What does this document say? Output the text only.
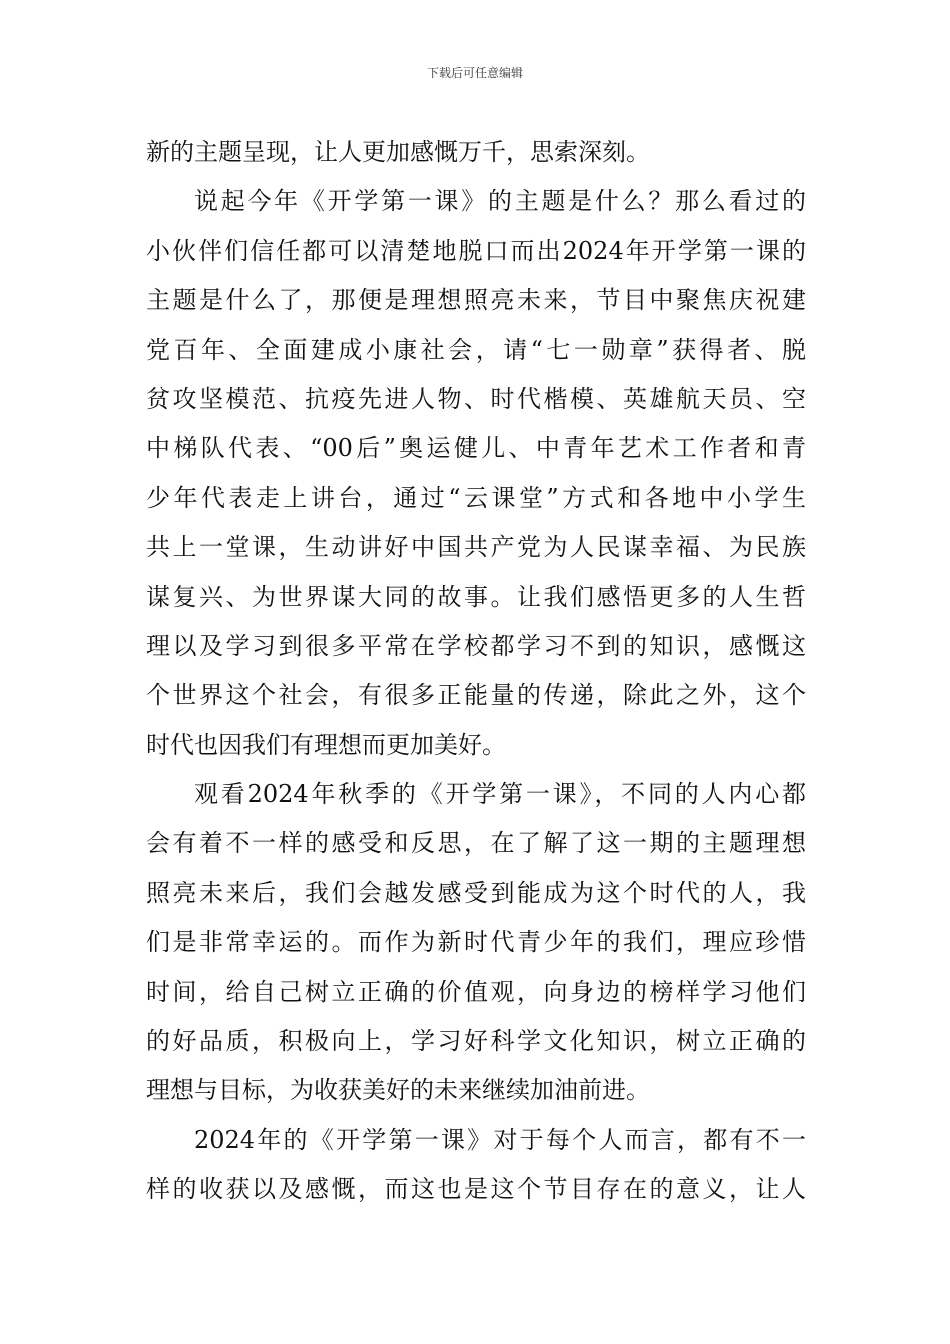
下载后可任意编辑
新的主题呈现，让人更加感慨万千，思索深刻。
说起今年《开学第一课》的主题是什么？那么看过的
小伙伴们信任都可以清楚地脱口而出2024年开学第一课的
主题是什么了，那便是理想照亮未来，节目中聚焦庆祝建
党百年、全面建成小康社会，请“七一勋章”获得者、脱
贫攻坚模范、抗疫先进人物、时代楷模、英雄航天员、空
中梯队代表、“00后”奥运健儿、中青年艺术工作者和青
少年代表走上讲台，通过“云课堂”方式和各地中小学生
共上一堂课，生动讲好中国共产党为人民谋幸福、为民族
谋复兴、为世界谋大同的故事。让我们感悟更多的人生哲
理以及学习到很多平常在学校都学习不到的知识，感慨这
个世界这个社会，有很多正能量的传递，除此之外，这个
时代也因我们有理想而更加美好。
观看2024年秋季的《开学第一课》，不同的人内心都
会有着不一样的感受和反思，在了解了这一期的主题理想
照亮未来后，我们会越发感受到能成为这个时代的人，我
们是非常幸运的。而作为新时代青少年的我们，理应珍惜
时间，给自己树立正确的价值观，向身边的榜样学习他们
的好品质，积极向上，学习好科学文化知识，树立正确的
理想与目标，为收获美好的未来继续加油前进。
2024年的《开学第一课》对于每个人而言，都有不一
样的收获以及感慨，而这也是这个节目存在的意义，让人
